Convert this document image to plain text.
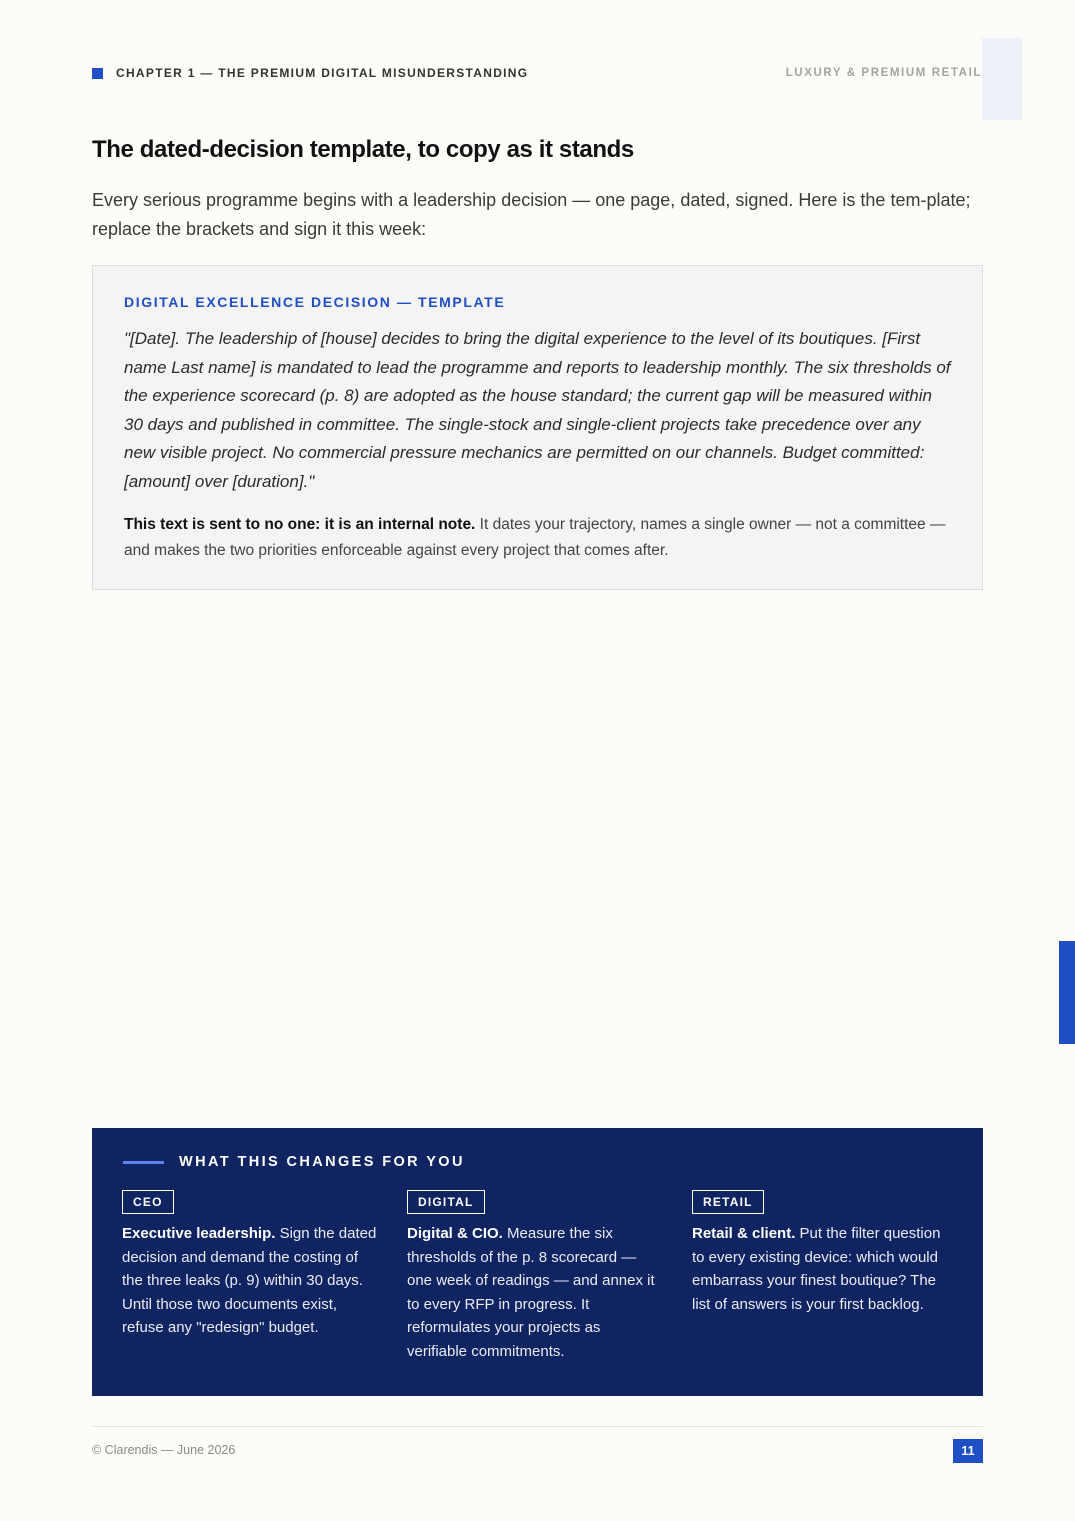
CHAPTER 1 — THE PREMIUM DIGITAL MISUNDERSTANDING	LUXURY & PREMIUM RETAIL
The dated-decision template, to copy as it stands

Every serious programme begins with a leadership decision — one page, dated, signed. Here is the tem-plate; replace the brackets and sign it this week:

DIGITAL EXCELLENCE DECISION — TEMPLATE

"[Date]. The leadership of [house] decides to bring the digital experience to the level of its boutiques. [First name Last name] is mandated to lead the programme and reports to leadership monthly. The six thresholds of the experience scorecard (p. 8) are adopted as the house standard; the current gap will be measured within 30 days and published in committee. The single-stock and single-client projects take precedence over any new visible project. No commercial pressure mechanics are permitted on our channels. Budget committed: [amount] over [duration]."

This text is sent to no one: it is an internal note. It dates your trajectory, names a single owner — not a committee — and makes the two priorities enforceable against every project that comes after.

WHAT THIS CHANGES FOR YOU
CEO

Executive leadership. Sign the dated decision and demand the costing of the three leaks (p. 9) within 30 days. Until those two documents exist, refuse any "redesign" budget.

DIGITAL

Digital & CIO. Measure the six thresholds of the p. 8 scorecard — one week of readings — and annex it to every RFP in progress. It reformulates your projects as verifiable commitments.

RETAIL

Retail & client. Put the filter question to every existing device: which would embarrass your finest boutique? The list of answers is your first backlog.

© Clarendis — June 2026	11
